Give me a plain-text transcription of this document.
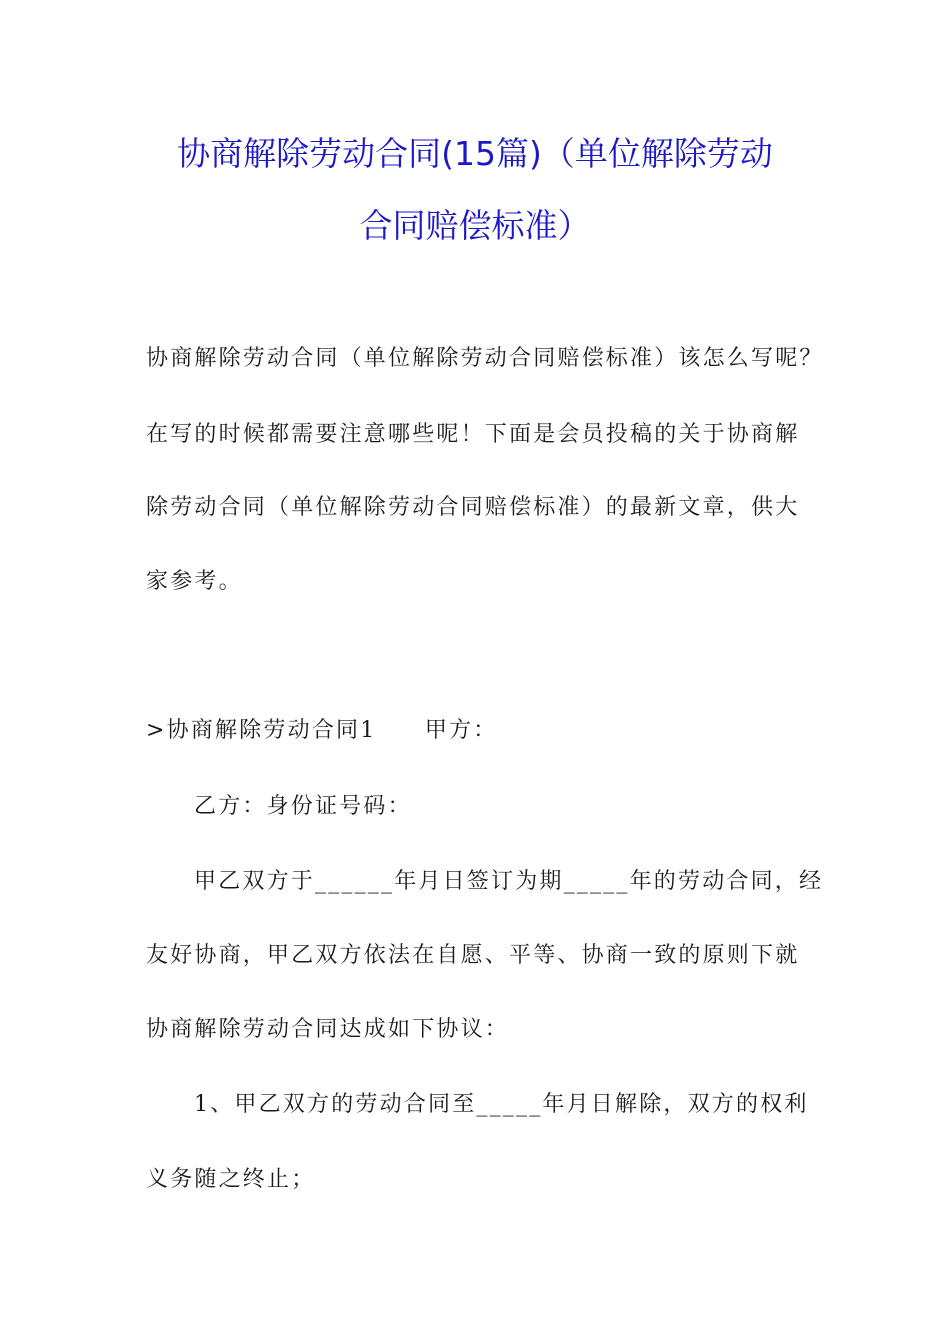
协商解除劳动合同(15篇)（单位解除劳动
合同赔偿标准）
协商解除劳动合同（单位解除劳动合同赔偿标准）该怎么写呢？
在写的时候都需要注意哪些呢！下面是会员投稿的关于协商解
除劳动合同（单位解除劳动合同赔偿标准）的最新文章，供大
家参考。
>协商解除劳动合同1　　甲方：
乙方：身份证号码：
甲乙双方于______年月日签订为期_____年的劳动合同，经
友好协商，甲乙双方依法在自愿、平等、协商一致的原则下就
协商解除劳动合同达成如下协议：
1、甲乙双方的劳动合同至_____年月日解除，双方的权利
义务随之终止；
